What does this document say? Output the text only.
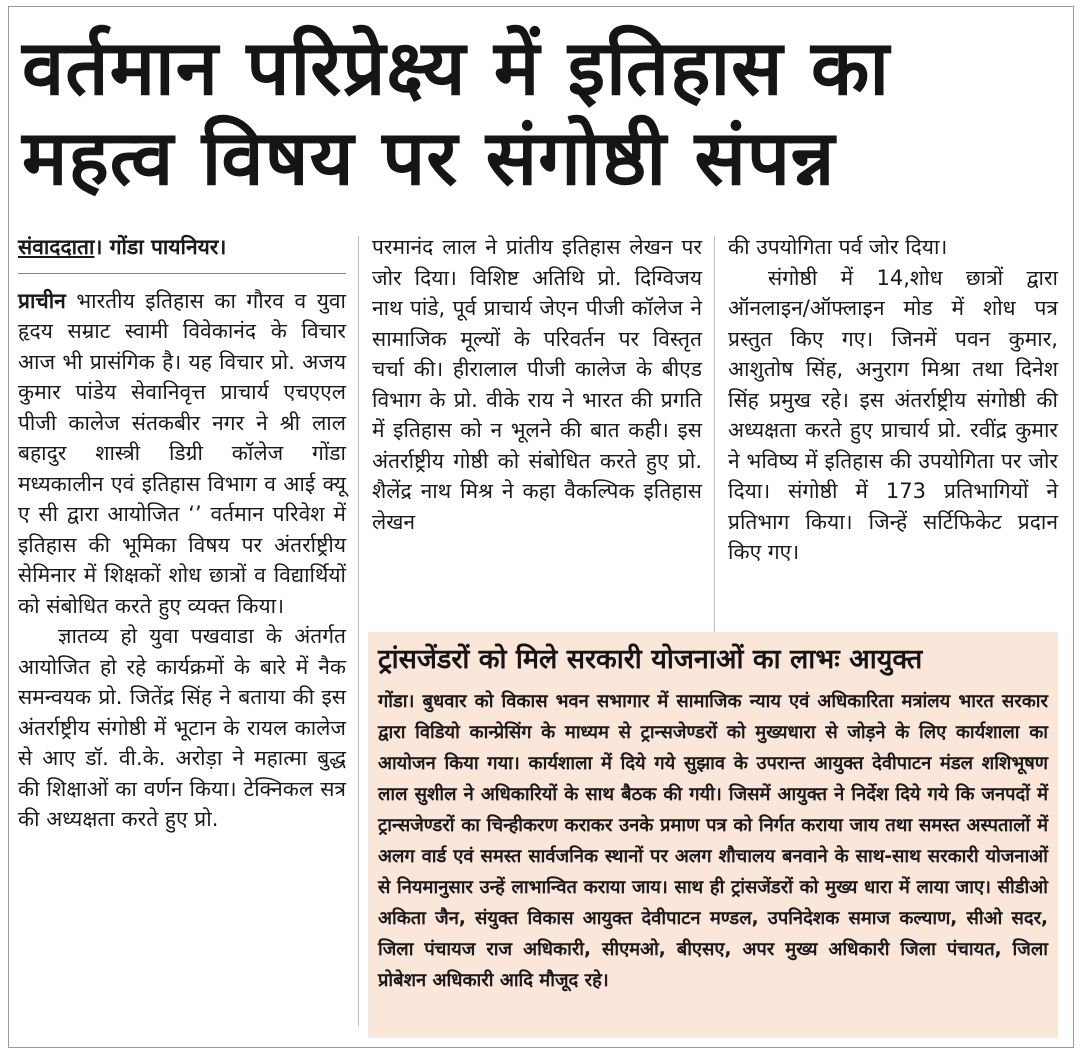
वर्तमान परिप्रेक्ष्य में इतिहास का
महत्व विषय पर संगोष्ठी संपन्न

संवाददाता। गोंडा पायनियर।

प्राचीन भारतीय इतिहास का गौरव व युवा हृदय सम्राट स्वामी विवेकानंद के विचार आज भी प्रासंगिक है। यह विचार प्रो. अजय कुमार पांडेय सेवानिवृत्त प्राचार्य एचएएल पीजी कालेज संतकबीर नगर ने श्री लाल बहादुर शास्त्री डिग्री कॉलेज गोंडा मध्यकालीन एवं इतिहास विभाग व आई क्यू ए सी द्वारा आयोजित ‘’ वर्तमान परिवेश में इतिहास की भूमिका विषय पर अंतर्राष्ट्रीय सेमिनार में शिक्षकों शोध छात्रों व विद्यार्थियों को संबोधित करते हुए व्यक्त किया।

ज्ञातव्य हो युवा पखवाडा के अंतर्गत आयोजित हो रहे कार्यक्रमों के बारे में नैक समन्वयक प्रो. जितेंद्र सिंह ने बताया की इस अंतर्राष्ट्रीय संगोष्ठी में भूटान के रायल कालेज से आए डॉ. वी.के. अरोड़ा ने महात्मा बुद्ध की शिक्षाओं का वर्णन किया। टेक्निकल सत्र की अध्यक्षता करते हुए प्रो.

परमानंद लाल ने प्रांतीय इतिहास लेखन पर जोर दिया। विशिष्ट अतिथि प्रो. दिग्विजय नाथ पांडे, पूर्व प्राचार्य जेएन पीजी कॉलेज ने सामाजिक मूल्यों के परिवर्तन पर विस्तृत चर्चा की। हीरालाल पीजी कालेज के बीएड विभाग के प्रो. वीके राय ने भारत की प्रगति में इतिहास को न भूलने की बात कही। इस अंतर्राष्ट्रीय गोष्ठी को संबोधित करते हुए प्रो. शैलेंद्र नाथ मिश्र ने कहा वैकल्पिक इतिहास लेखन

की उपयोगिता पर्व जोर दिया।

संगोष्ठी में 14,शोध छात्रों द्वारा ऑनलाइन/ऑफ्लाइन मोड में शोध पत्र प्रस्तुत किए गए। जिनमें पवन कुमार, आशुतोष सिंह, अनुराग मिश्रा तथा दिनेश सिंह प्रमुख रहे। इस अंतर्राष्ट्रीय संगोष्ठी की अध्यक्षता करते हुए प्राचार्य प्रो. रवींद्र कुमार ने भविष्य में इतिहास की उपयोगिता पर जोर दिया। संगोष्ठी में 173 प्रतिभागियों ने प्रतिभाग किया। जिन्हें सर्टिफिकेट प्रदान किए गए।

ट्रांसजेंडरों को मिले सरकारी योजनाओं का लाभः आयुक्त

गोंडा। बुधवार को विकास भवन सभागार में सामाजिक न्याय एवं अधिकारिता मत्रांलय भारत सरकार द्वारा विडियो कान्प्रेसिंग के माध्यम से ट्रान्सजेण्डरों को मुख्यधारा से जोड़ने के लिए कार्यशाला का आयोजन किया गया। कार्यशाला में दिये गये सुझाव के उपरान्त आयुक्त देवीपाटन मंडल शशिभूषण लाल सुशील ने अधिकारियों के साथ बैठक की गयी। जिसमें आयुक्त ने निर्देश दिये गये कि जनपदों में ट्रान्सजेण्डरों का चिन्हीकरण कराकर उनके प्रमाण पत्र को निर्गत कराया जाय तथा समस्त अस्पतालों में अलग वार्ड एवं समस्त सार्वजनिक स्थानों पर अलग शौचालय बनवाने के साथ-साथ सरकारी योजनाओं से नियमानुसार उन्हें लाभान्वित कराया जाय। साथ ही ट्रांसजेंडरों को मुख्य धारा में लाया जाए। सीडीओ अकिता जैन, संयुक्त विकास आयुक्त देवीपाटन मण्डल, उपनिदेशक समाज कल्याण, सीओ सदर, जिला पंचायज राज अधिकारी, सीएमओ, बीएसए, अपर मुख्य अधिकारी जिला पंचायत, जिला प्रोबेशन अधिकारी आदि मौजूद रहे।
